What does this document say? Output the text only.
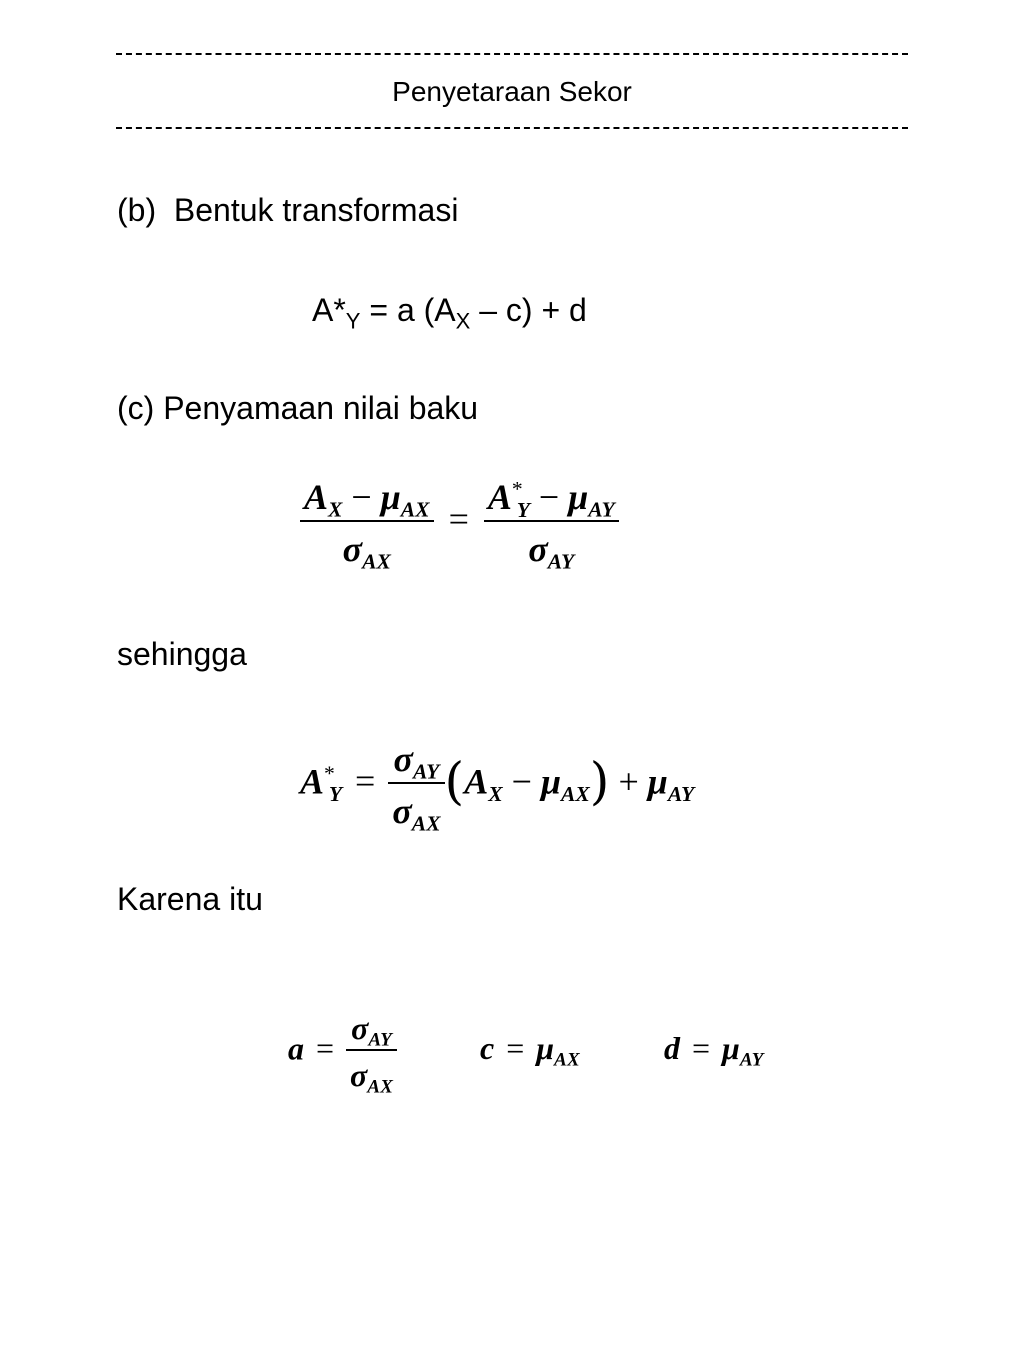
Penyetaraan Sekor
(b)  Bentuk transformasi
$A*_Y = a$ $(A_X - c) + d$
(c) Penyamaan nilai baku
$\frac{A_X - \mu_{AX}}{\sigma_{AX}} = \frac{A^*_Y - \mu_{AY}}{\sigma_{AY}}$
sehingga
$A^*_Y = \frac{\sigma_{AY}}{\sigma_{AX}} (A_X - \mu_{AX}) + \mu_{AY}$
Karena itu
$a = \frac{\sigma_{AY}}{\sigma_{AX}}$	$c = \mu_{AX}$	$d = \mu_{AY}$
